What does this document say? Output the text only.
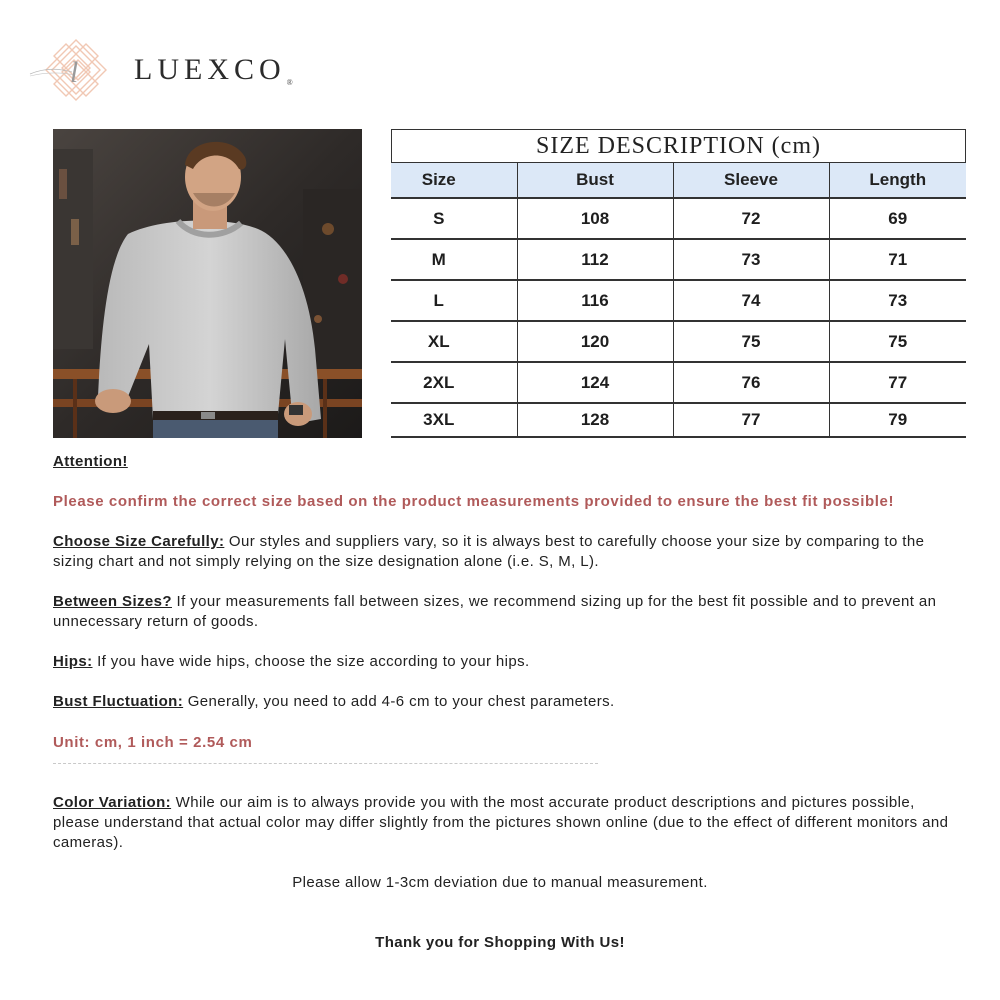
l LUEXCO®
SIZE DESCRIPTION (cm)
Size	Bust	Sleeve	Length
S	108	72	69
M	112	73	71
L	116	74	73
XL	120	75	75
2XL	124	76	77
3XL	128	77	79
Attention!
Please confirm the correct size based on the product measurements provided to ensure the best fit possible!
Choose Size Carefully: Our styles and suppliers vary, so it is always best to carefully choose your size by comparing to the sizing chart and not simply relying on the size designation alone (i.e. S, M, L).
Between Sizes? If your measurements fall between sizes, we recommend sizing up for the best fit possible and to prevent an unnecessary return of goods.
Hips: If you have wide hips, choose the size according to your hips.
Bust Fluctuation: Generally, you need to add 4-6 cm to your chest parameters.
Unit: cm, 1 inch = 2.54 cm
Color Variation: While our aim is to always provide you with the most accurate product descriptions and pictures possible, please understand that actual color may differ slightly from the pictures shown online (due to the effect of different monitors and cameras).
Please allow 1-3cm deviation due to manual measurement.
Thank you for Shopping With Us!
